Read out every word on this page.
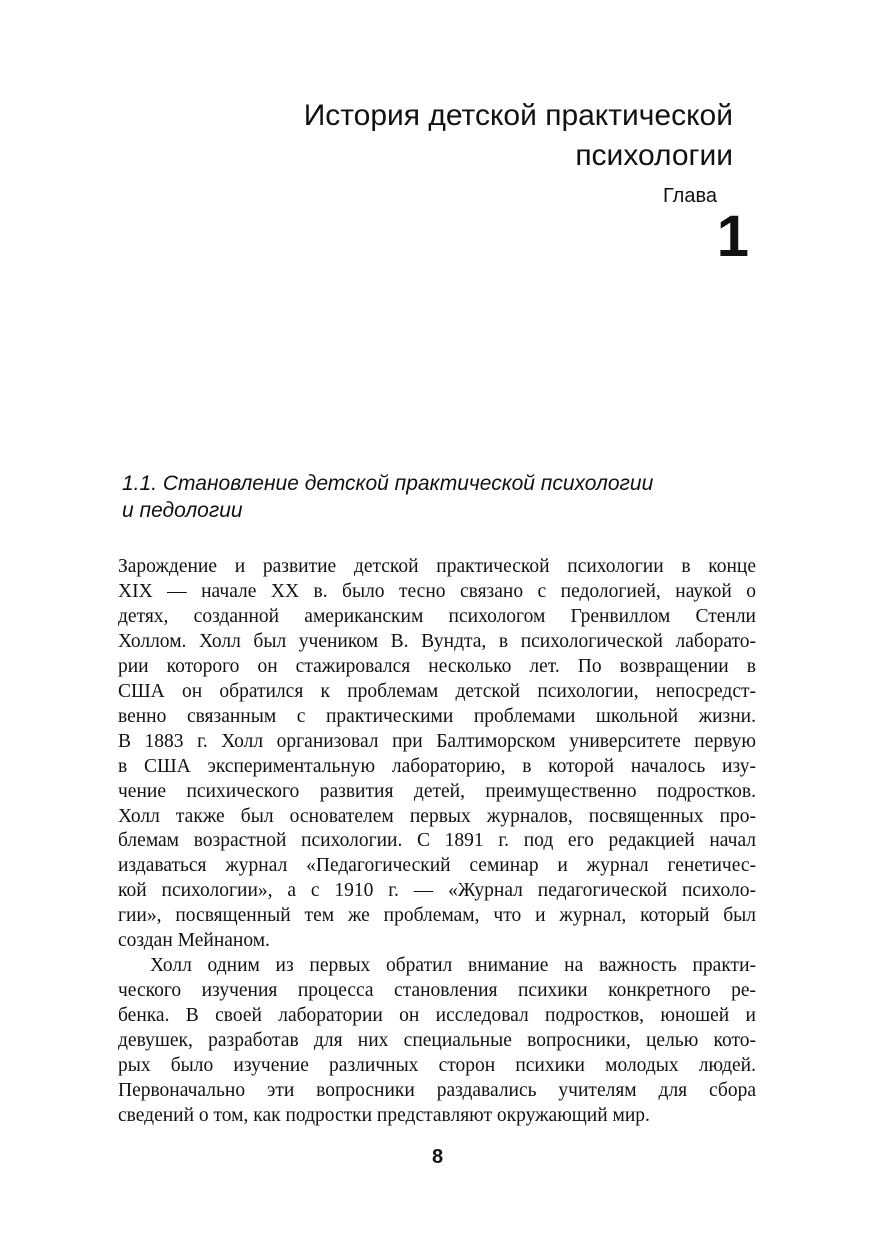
История детской практической
психологии
Глава
1
1.1. Становление детской практической психологии
и педологии
Зарождение и развитие детской практической психологии в конце
XIX — начале XX в. было тесно связано с педологией, наукой о
детях, созданной американским психологом Гренвиллом Стенли
Холлом. Холл был учеником В. Вундта, в психологической лаборато-
рии которого он стажировался несколько лет. По возвращении в
США он обратился к проблемам детской психологии, непосредст-
венно связанным с практическими проблемами школьной жизни.
В 1883 г. Холл организовал при Балтиморском университете первую
в США экспериментальную лабораторию, в которой началось изу-
чение психического развития детей, преимущественно подростков.
Холл также был основателем первых журналов, посвященных про-
блемам возрастной психологии. С 1891 г. под его редакцией начал
издаваться журнал «Педагогический семинар и журнал генетичес-
кой психологии», а с 1910 г. — «Журнал педагогической психоло-
гии», посвященный тем же проблемам, что и журнал, который был
создан Мейнаном.
Холл одним из первых обратил внимание на важность практи-
ческого изучения процесса становления психики конкретного ре-
бенка. В своей лаборатории он исследовал подростков, юношей и
девушек, разработав для них специальные вопросники, целью кото-
рых было изучение различных сторон психики молодых людей.
Первоначально эти вопросники раздавались учителям для сбора
сведений о том, как подростки представляют окружающий мир.
8
